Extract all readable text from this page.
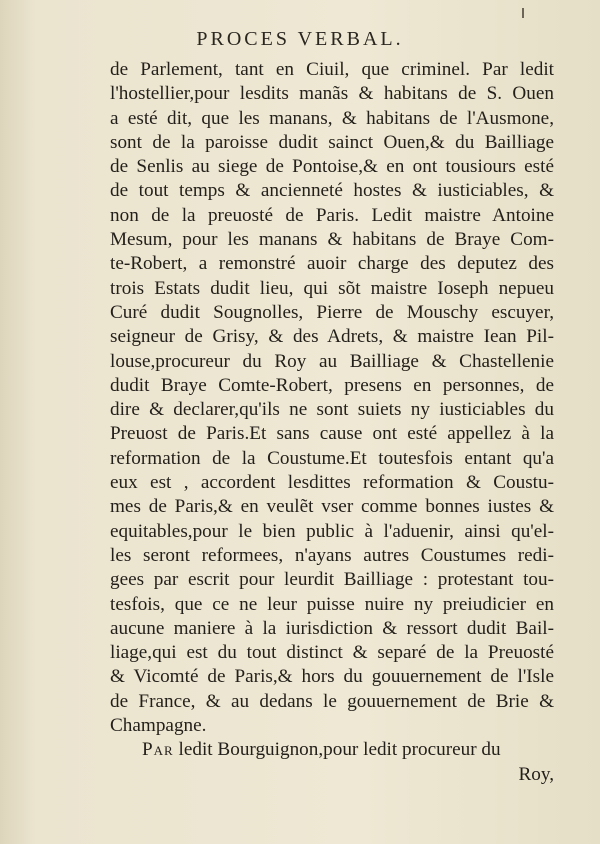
PROCES VERBAL.
de Parlement, tant en Ciuil, que criminel. Par ledit
l'hostellier,pour lesdits manãs & habitans de S. Ouen
a esté dit, que les manans, & habitans de l'Ausmone,
sont de la paroisse dudit sainct Ouen,& du Bailliage
de Senlis au siege de Pontoise,& en ont tousiours esté
de tout temps & ancienneté hostes & iusticiables, &
non de la preuosté de Paris. Ledit maistre Antoine
Mesum, pour les manans & habitans de Braye Com-
te-Robert, a remonstré auoir charge des deputez des
trois Estats dudit lieu, qui sõt maistre Ioseph nepueu
Curé dudit Sougnolles, Pierre de Mouschy escuyer,
seigneur de Grisy, & des Adrets, & maistre Iean Pil-
louse,procureur du Roy au Bailliage & Chastellenie
dudit Braye Comte-Robert, presens en personnes, de
dire & declarer,qu'ils ne sont suiets ny iusticiables du
Preuost de Paris.Et sans cause ont esté appellez à la
reformation de la Coustume.Et toutesfois entant qu'a
eux est , accordent lesdittes reformation & Coustu-
mes de Paris,& en veulẽt vser comme bonnes iustes &
equitables,pour le bien public à l'aduenir, ainsi qu'el-
les seront reformees, n'ayans autres Coustumes redi-
gees par escrit pour leurdit Bailliage : protestant tou-
tesfois, que ce ne leur puisse nuire ny preiudicier en
aucune maniere à la iurisdiction & ressort dudit Bail-
liage,qui est du tout distinct & separé de la Preuosté
& Vicomté de Paris,& hors du gouuernement de l'Isle
de France, & au dedans le gouuernement de Brie &
Champagne.
Par ledit Bourguignon,pour ledit procureur du
Roy,
